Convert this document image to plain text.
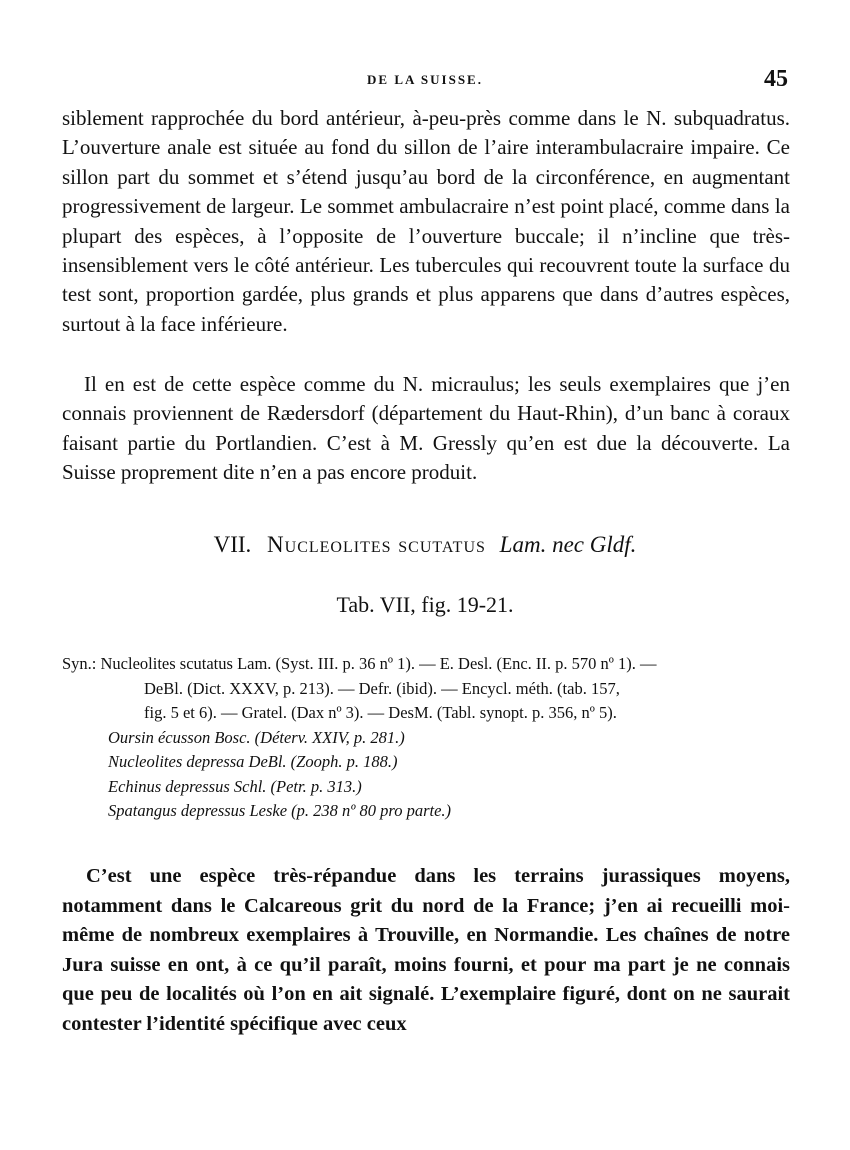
DE LA SUISSE.	45

siblement rapprochée du bord antérieur, à-peu-près comme dans le N. subquadratus. L’ouverture anale est située au fond du sillon de l’aire interambulacraire impaire. Ce sillon part du sommet et s’étend jusqu’au bord de la circonférence, en augmentant progressivement de largeur. Le sommet ambulacraire n’est point placé, comme dans la plupart des espèces, à l’opposite de l’ouverture buccale; il n’incline que très-insensiblement vers le côté antérieur. Les tubercules qui recouvrent toute la surface du test sont, proportion gardée, plus grands et plus apparens que dans d’autres espèces, surtout à la face inférieure.

Il en est de cette espèce comme du N. micraulus; les seuls exemplaires que j’en connais proviennent de Rædersdorf (département du Haut-Rhin), d’un banc à coraux faisant partie du Portlandien. C’est à M. Gressly qu’en est due la découverte. La Suisse proprement dite n’en a pas encore produit.

VII. Nucleolites scutatus Lam. nec Gldf.
Tab. VII, fig. 19-21.
Syn.: Nucleolites scutatus Lam. (Syst. III. p. 36 nº 1). — E. Desl. (Enc. II. p. 570 nº 1). —
DeBl. (Dict. XXXV, p. 213). — Defr. (ibid). — Encycl. méth. (tab. 157,
fig. 5 et 6). — Gratel. (Dax nº 3). — DesM. (Tabl. synopt. p. 356, nº 5).
Oursin écusson Bosc. (Déterv. XXIV, p. 281.)
Nucleolites depressa DeBl. (Zooph. p. 188.)
Echinus depressus Schl. (Petr. p. 313.)
Spatangus depressus Leske (p. 238 nº 80 pro parte.)

C’est une espèce très-répandue dans les terrains jurassiques moyens, notamment dans le Calcareous grit du nord de la France; j’en ai recueilli moi-même de nombreux exemplaires à Trouville, en Normandie. Les chaînes de notre Jura suisse en ont, à ce qu’il paraît, moins fourni, et pour ma part je ne connais que peu de localités où l’on en ait signalé. L’exemplaire figuré, dont on ne saurait contester l’identité spécifique avec ceux
